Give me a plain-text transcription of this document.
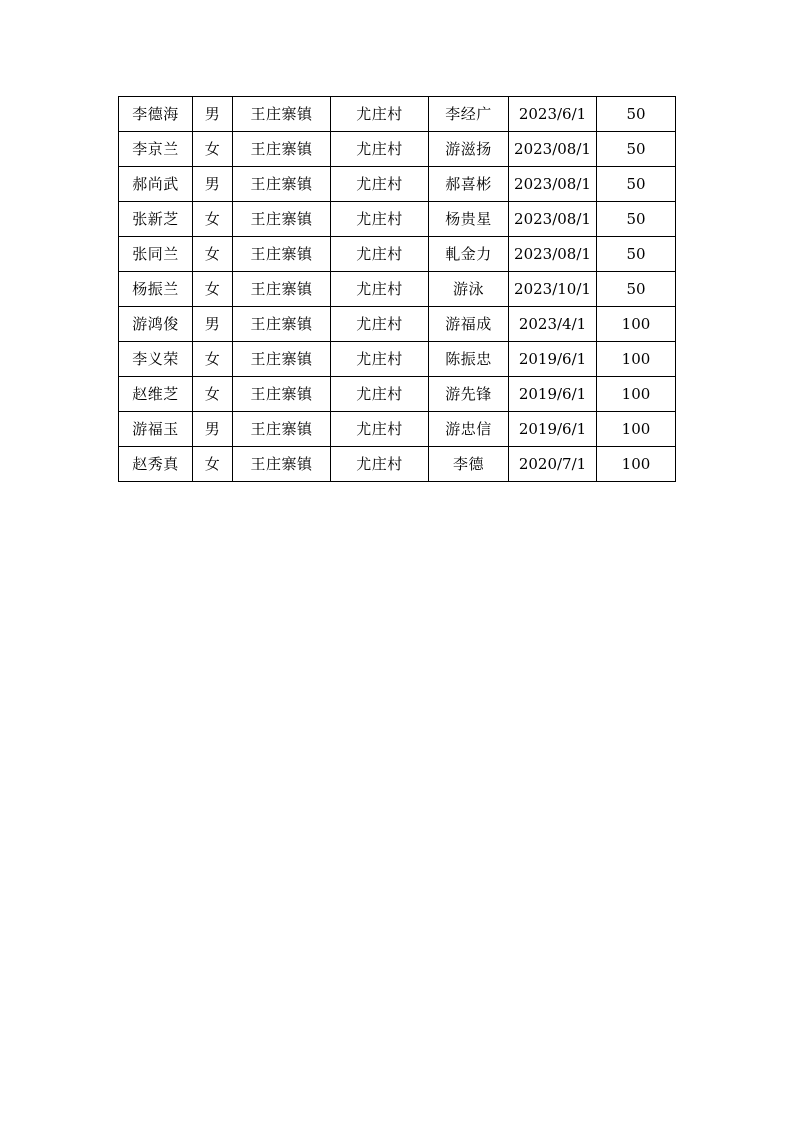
李德海	男	王庄寨镇	尤庄村	李经广	2023/6/1	50
李京兰	女	王庄寨镇	尤庄村	游滋扬	2023/08/1	50
郝尚武	男	王庄寨镇	尤庄村	郝喜彬	2023/08/1	50
张新芝	女	王庄寨镇	尤庄村	杨贵星	2023/08/1	50
张同兰	女	王庄寨镇	尤庄村	軋金力	2023/08/1	50
杨振兰	女	王庄寨镇	尤庄村	游泳	2023/10/1	50
游鸿俊	男	王庄寨镇	尤庄村	游福成	2023/4/1	100
李义荣	女	王庄寨镇	尤庄村	陈振忠	2019/6/1	100
赵维芝	女	王庄寨镇	尤庄村	游先锋	2019/6/1	100
游福玉	男	王庄寨镇	尤庄村	游忠信	2019/6/1	100
赵秀真	女	王庄寨镇	尤庄村	李德	2020/7/1	100
